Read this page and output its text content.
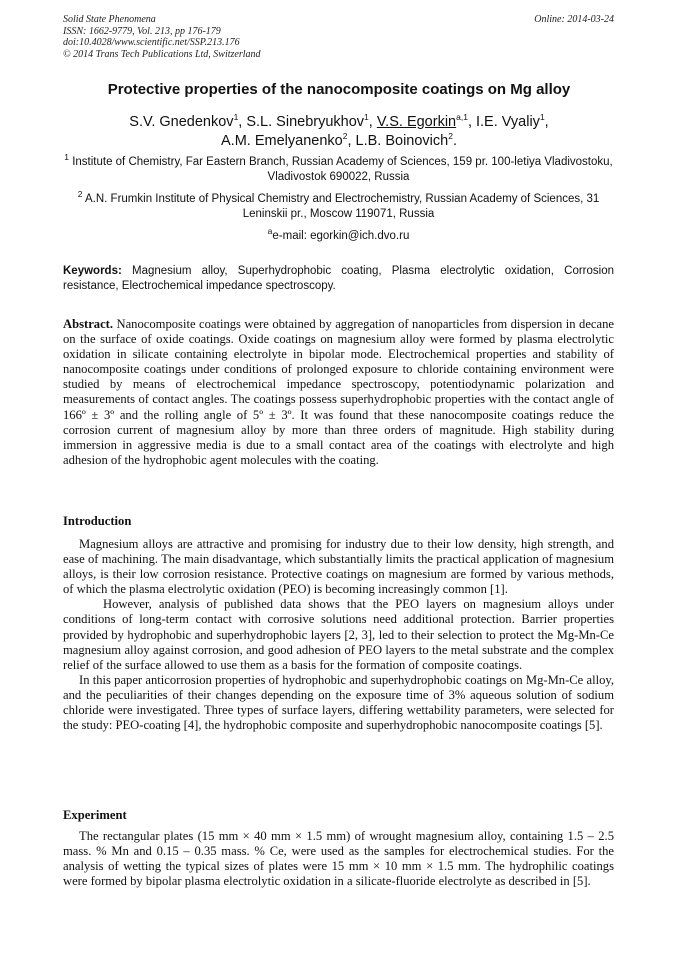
Solid State Phenomena
ISSN: 1662-9779, Vol. 213, pp 176-179
doi:10.4028/www.scientific.net/SSP.213.176
© 2014 Trans Tech Publications Ltd, Switzerland
Online: 2014-03-24
Protective properties of the nanocomposite coatings on Mg alloy
S.V. Gnedenkov$^1$, S.L. Sinebryukhov$^1$, V.S. Egorkin$^{a,1}$, I.E. Vyaliy$^1$,
A.M. Emelyanenko$^2$, L.B. Boinovich$^2$.
$^1$ Institute of Chemistry, Far Eastern Branch, Russian Academy of Sciences, 159 pr. 100-letiya Vladivostoku, Vladivostok 690022, Russia
$^2$ A.N. Frumkin Institute of Physical Chemistry and Electrochemistry, Russian Academy of Sciences, 31 Leninskii pr., Moscow 119071, Russia
$^a$e-mail: egorkin@ich.dvo.ru
Keywords: Magnesium alloy, Superhydrophobic coating, Plasma electrolytic oxidation, Corrosion resistance, Electrochemical impedance spectroscopy.

Abstract. Nanocomposite coatings were obtained by aggregation of nanoparticles from dispersion in decane on the surface of oxide coatings. Oxide coatings on magnesium alloy were formed by plasma electrolytic oxidation in silicate containing electrolyte in bipolar mode. Electrochemical properties and stability of nanocomposite coatings under conditions of prolonged exposure to chloride containing environment were studied by means of electrochemical impedance spectroscopy, potentiodynamic polarization and measurements of contact angles. The coatings possess superhydrophobic properties with the contact angle of 166º ± 3º and the rolling angle of 5º ± 3º. It was found that these nanocomposite coatings reduce the corrosion current of magnesium alloy by more than three orders of magnitude. High stability during immersion in aggressive media is due to a small contact area of the coatings with electrolyte and high adhesion of the hydrophobic agent molecules with the coating.

Introduction

Magnesium alloys are attractive and promising for industry due to their low density, high strength, and ease of machining. The main disadvantage, which substantially limits the practical application of magnesium alloys, is their low corrosion resistance. Protective coatings on magnesium are formed by various methods, of which the plasma electrolytic oxidation (PEO) is becoming increasingly common [1].

However, analysis of published data shows that the PEO layers on magnesium alloys under conditions of long-term contact with corrosive solutions need additional protection. Barrier properties provided by hydrophobic and superhydrophobic layers [2, 3], led to their selection to protect the Mg-Mn-Ce magnesium alloy against corrosion, and good adhesion of PEO layers to the metal substrate and the complex relief of the surface allowed to use them as a basis for the formation of composite coatings.

In this paper anticorrosion properties of hydrophobic and superhydrophobic coatings on Mg-Mn-Ce alloy, and the peculiarities of their changes depending on the exposure time of 3% aqueous solution of sodium chloride were investigated. Three types of surface layers, differing wettability parameters, were selected for the study: PEO-coating [4], the hydrophobic composite and superhydrophobic nanocomposite coatings [5].

Experiment

The rectangular plates (15 mm × 40 mm × 1.5 mm) of wrought magnesium alloy, containing 1.5 – 2.5 mass. % Mn and 0.15 – 0.35 mass. % Ce, were used as the samples for electrochemical studies. For the analysis of wetting the typical sizes of plates were 15 mm × 10 mm × 1.5 mm. The hydrophilic coatings were formed by bipolar plasma electrolytic oxidation in a silicate-fluoride electrolyte as described in [5].
